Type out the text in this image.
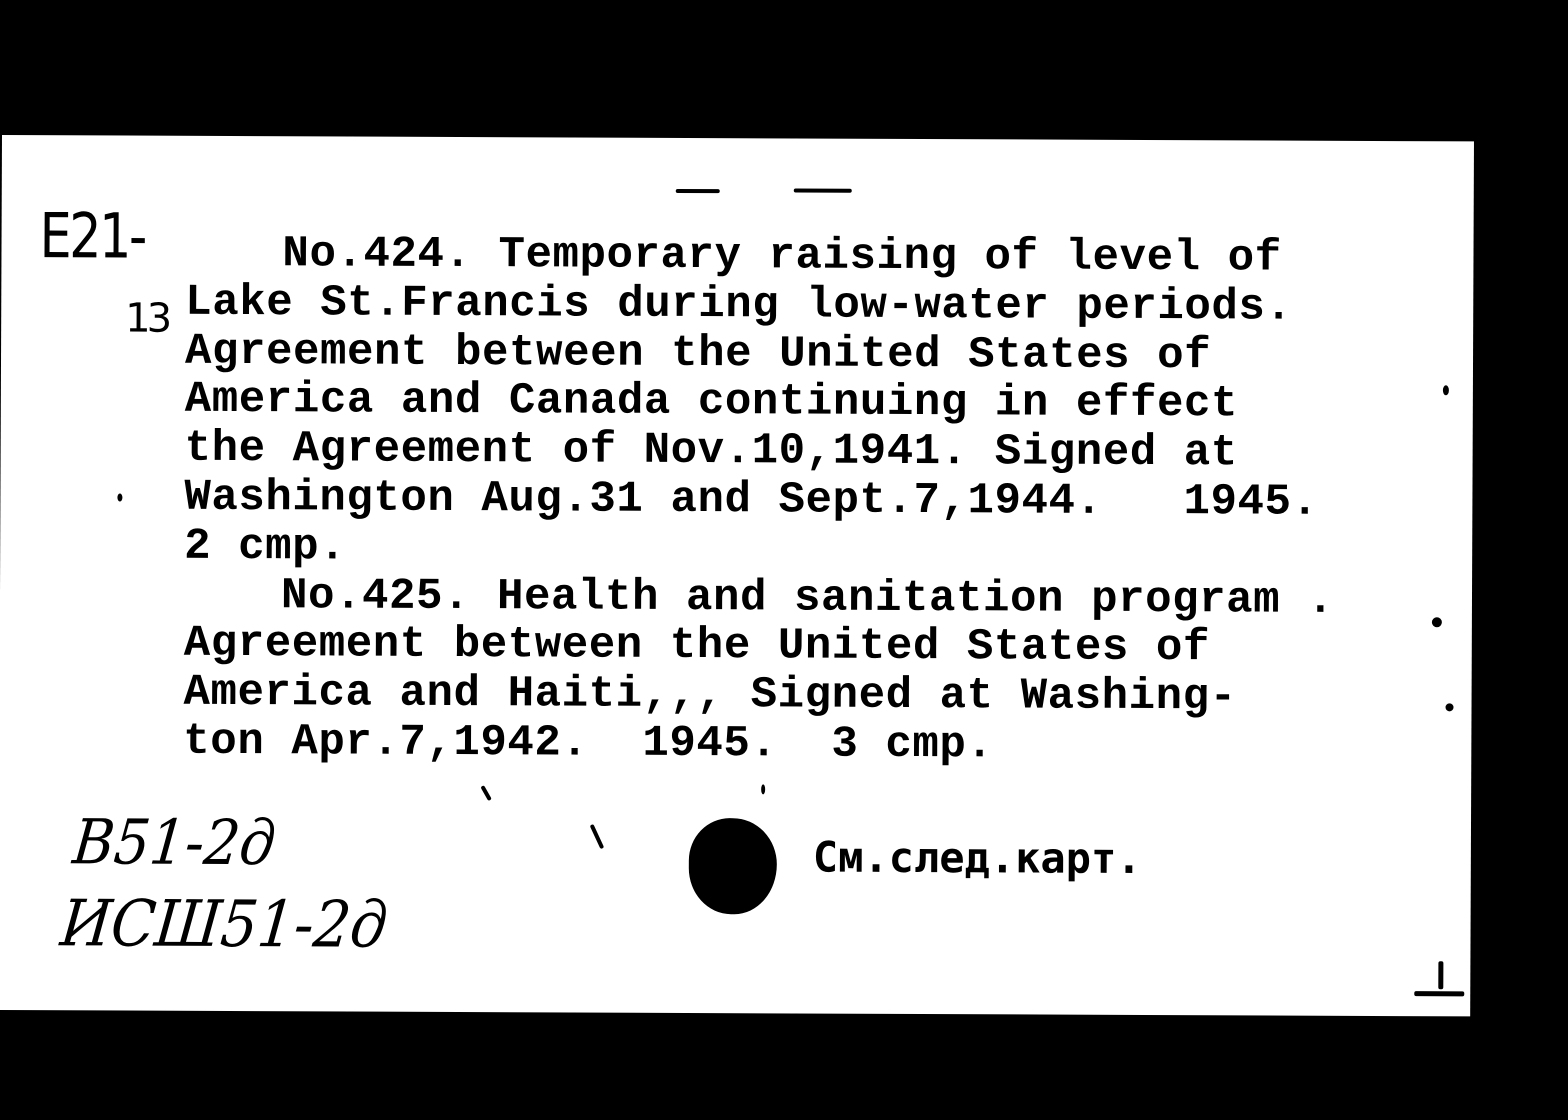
E21-
13
No.424. Temporary raising of level of
Lake St.Francis during low-water periods.
Agreement between the United States of
America and Canada continuing in effect
the Agreement of Nov.10,1941. Signed at
Washington Aug.31 and Sept.7,1944.   1945.
2 cmp.
No.425. Health and sanitation program .
Agreement between the United States of
America and Haiti,,, Signed at Washing-
ton Apr.7,1942.  1945.  3 cmp.
В51-2д
ИСШ51-2д
См.след.карт.
